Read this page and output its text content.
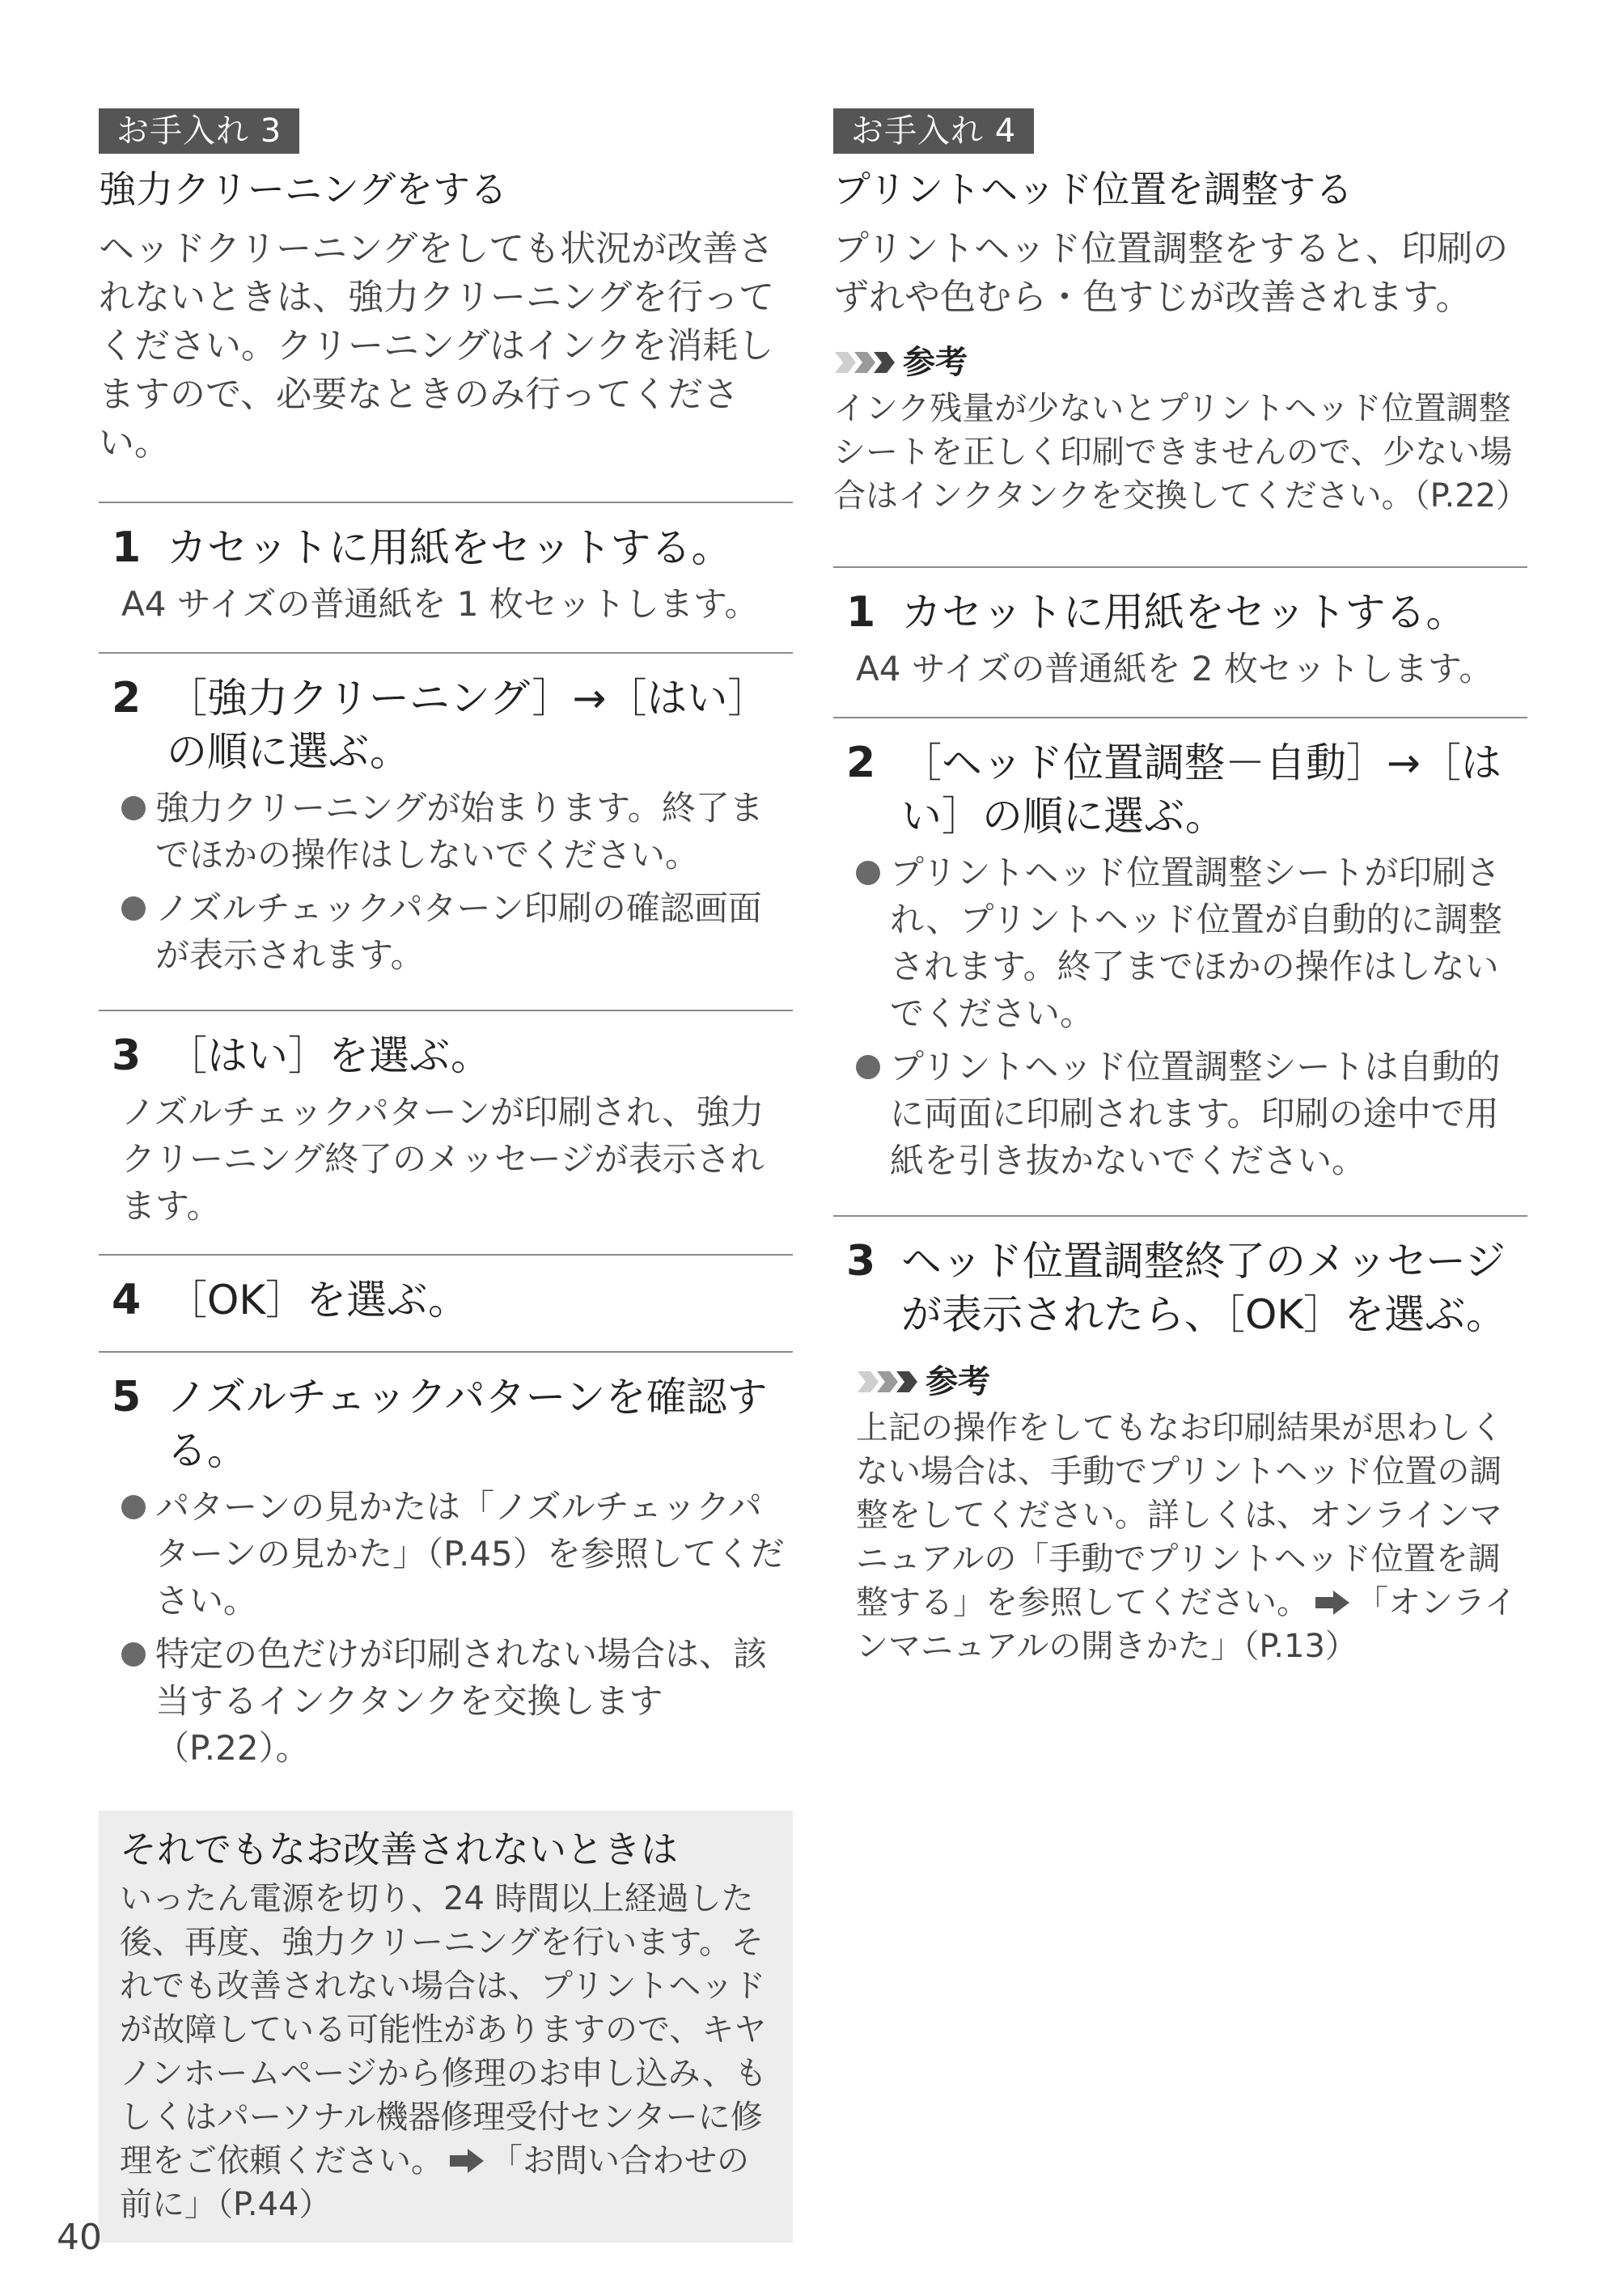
お手入れ 3
強力クリーニングをする
ヘッドクリーニングをしても状況が改善されないときは、強力クリーニングを行ってください。クリーニングはインクを消耗しますので、必要なときのみ行ってください。
1 カセットに用紙をセットする。
A4 サイズの普通紙を 1 枚セットします。
2 ［強力クリーニング］→［はい］の順に選ぶ。
強力クリーニングが始まります。終了までほかの操作はしないでください。
ノズルチェックパターン印刷の確認画面が表示されます。
3 ［はい］を選ぶ。
ノズルチェックパターンが印刷され、強力クリーニング終了のメッセージが表示されます。
4 ［OK］を選ぶ。
5 ノズルチェックパターンを確認する。
パターンの見かたは「ノズルチェックパターンの見かた」（P.45）を参照してください。
特定の色だけが印刷されない場合は、該当するインクタンクを交換します（P.22）。
それでもなお改善されないときは
いったん電源を切り、24 時間以上経過した後、再度、強力クリーニングを行います。それでも改善されない場合は、プリントヘッドが故障している可能性がありますので、キヤノンホームページから修理のお申し込み、もしくはパーソナル機器修理受付センターに修理をご依頼ください。 「お問い合わせの前に」（P.44）
お手入れ 4
プリントヘッド位置を調整する
プリントヘッド位置調整をすると、印刷のずれや色むら・色すじが改善されます。
参考
インク残量が少ないとプリントヘッド位置調整シートを正しく印刷できませんので、少ない場合はインクタンクを交換してください。（P.22）
1 カセットに用紙をセットする。
A4 サイズの普通紙を 2 枚セットします。
2 ［ヘッド位置調整－自動］→［はい］の順に選ぶ。
プリントヘッド位置調整シートが印刷され、プリントヘッド位置が自動的に調整されます。終了までほかの操作はしないでください。
プリントヘッド位置調整シートは自動的に両面に印刷されます。印刷の途中で用紙を引き抜かないでください。
3 ヘッド位置調整終了のメッセージが表示されたら、［OK］を選ぶ。
参考
上記の操作をしてもなお印刷結果が思わしくない場合は、手動でプリントヘッド位置の調整をしてください。詳しくは、オンラインマニュアルの「手動でプリントヘッド位置を調整する」を参照してください。 「オンラインマニュアルの開きかた」（P.13）
40
